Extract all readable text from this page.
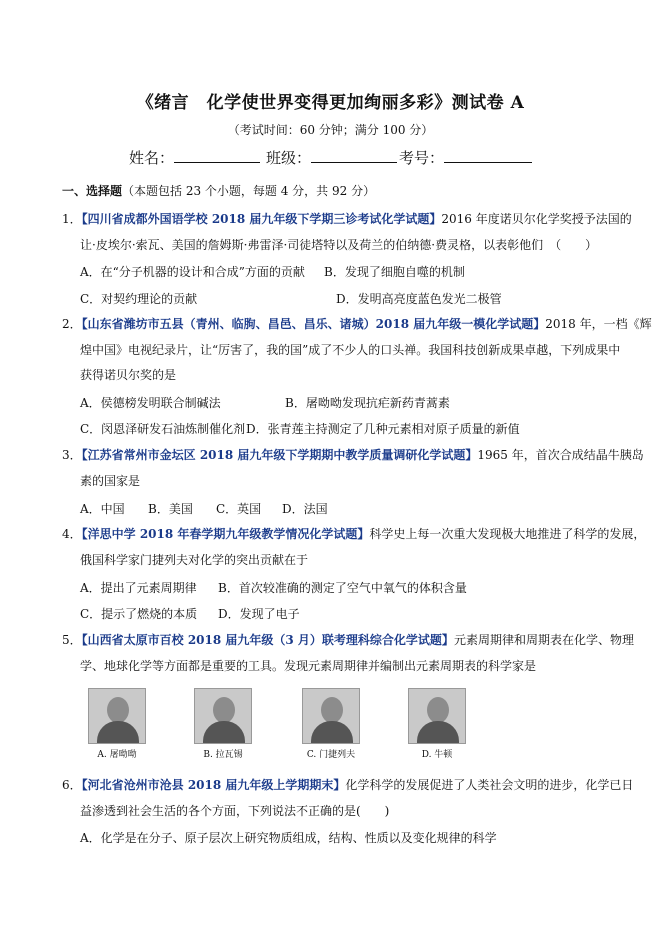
《绪言　化学使世界变得更加绚丽多彩》测试卷 A
（考试时间：60 分钟；满分 100 分）
姓名：	班级：	考号：
一、选择题（本题包括 23 个小题，每题 4 分，共 92 分）
1．【四川省成都外国语学校 2018 届九年级下学期三诊考试化学试题】2016 年度诺贝尔化学奖授予法国的
让·皮埃尔·索瓦、美国的詹姆斯·弗雷泽·司徒塔特以及荷兰的伯纳德·费灵格，以表彰他们　（　　）
A．在“分子机器的设计和合成”方面的贡献 B．发现了细胞自噬的机制
C．对契约理论的贡献	D．发明高亮度蓝色发光二极管
2．【山东省潍坊市五县（青州、临朐、昌邑、昌乐、诸城）2018 届九年级一模化学试题】2018 年，一档《辉
煌中国》电视纪录片，让“厉害了，我的国”成了不少人的口头禅。我国科技创新成果卓越，下列成果中
获得诺贝尔奖的是
A．侯德榜发明联合制碱法	B．屠呦呦发现抗疟新药青蒿素
C．闵恩泽研发石油炼制催化剂 D．张青莲主持测定了几种元素相对原子质量的新值
3．【江苏省常州市金坛区 2018 届九年级下学期期中教学质量调研化学试题】1965 年，首次合成结晶牛胰岛
素的国家是
A．中国 B．美国 C．英国 D．法国
4．【洋思中学 2018 年春学期九年级教学情况化学试题】科学史上每一次重大发现极大地推进了科学的发展，
俄国科学家门捷列夫对化学的突出贡献在于
A．提出了元素周期律 B．首次较准确的测定了空气中氧气的体积含量
C．提示了燃烧的本质 D．发现了电子
5．【山西省太原市百校 2018 届九年级（3 月）联考理科综合化学试题】元素周期律和周期表在化学、物理
学、地球化学等方面都是重要的工具。发现元素周期律并编制出元素周期表的科学家是
A. 屠呦呦	B. 拉瓦锡	C. 门捷列夫	D. 牛顿
6．【河北省沧州市沧县 2018 届九年级上学期期末】化学科学的发展促进了人类社会文明的进步，化学已日
益渗透到社会生活的各个方面，下列说法不正确的是(　　)
A．化学是在分子、原子层次上研究物质组成，结构、性质以及变化规律的科学
